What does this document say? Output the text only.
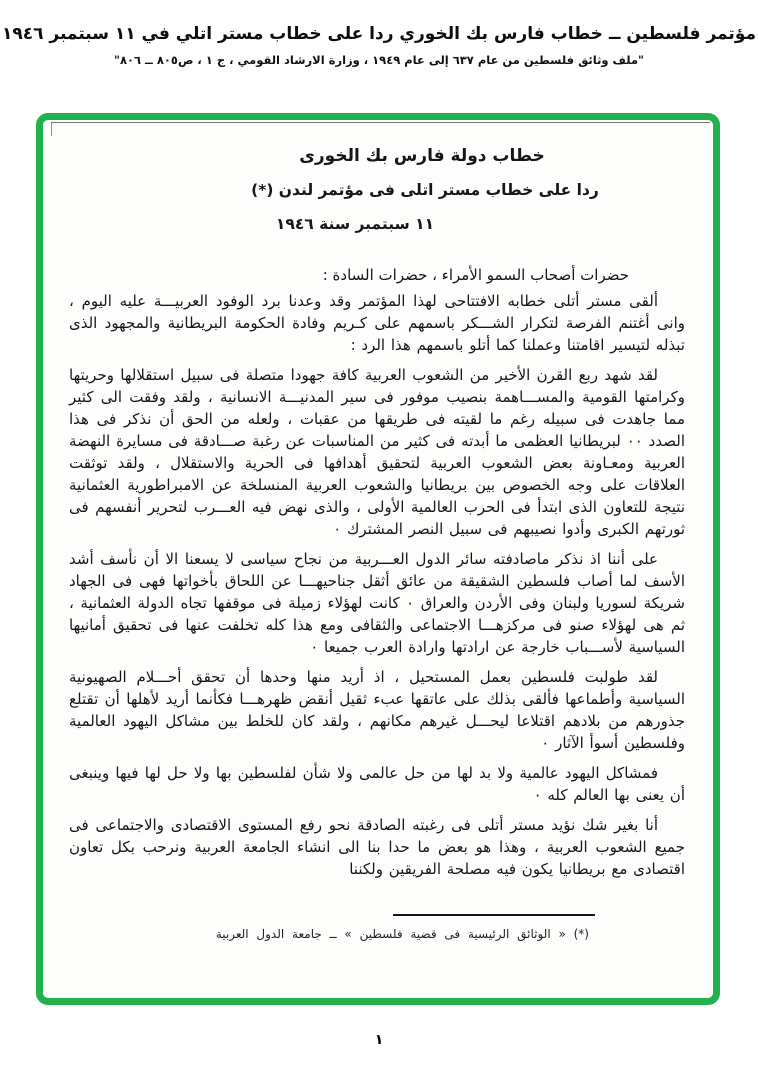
مؤتمر فلسطين ــ خطاب فارس بك الخوري ردا على خطاب مستر اتلي في ١١ سبتمبر ١٩٤٦
"ملف وثائق فلسطين من عام ٦٣٧ إلى عام ١٩٤٩ ، وزارة الارشاد القومي ، ج ١ ، ص٨٠٥ ــ ٨٠٦"
خطاب دولة فارس بك الخورى
ردا على خطاب مستر اتلى فى مؤتمر لندن (*)
١١ سبتمبر سنة ١٩٤٦

حضرات أصحاب السمو الأمراء ، حضرات السادة :

ألقى مستر أتلى خطابه الافتتاحى لهذا المؤتمر وقد وعدنا برد الوفود العربيـــة عليه اليوم ، وانى أغتنم الفرصة لتكرار الشـــكر باسمهم على كـريم وفادة الحكومة البريطانية والمجهود الذى تبذله لتيسير اقامتنا وعملنا كما أتلو باسمهم هذا الرد :

لقد شهد ربع القرن الأخير من الشعوب العربية كافة جهودا متصلة فى سبيل استقلالها وحريتها وكرامتها القومية والمســـاهمة بنصيب موفور فى سير المدنيـــة الانسانية ، ولقد وفقت الى كثير مما جاهدت فى سبيله رغم ما لقيته فى طريقها من عقبات ، ولعله من الحق أن نذكر فى هذا الصدد ٠٠ لبريطانيا العظمى ما أبدته فى كثير من المناسبات عن رغبة صـــادقة فى مسايرة النهضة العربية ومعـاونة بعض الشعوب العربية لتحقيق أهدافها فى الحرية والاستقلال ، ولقد توثقت العلاقات على وجه الخصوص بين بريطانيا والشعوب العربية المنسلخة عن الامبراطورية العثمانية نتيجة للتعاون الذى ابتدأ فى الحرب العالمية الأولى ، والذى نهض فيه العـــرب لتحرير أنفسهم فى ثورتهم الكبرى وأدوا نصيبهم فى سبيل النصر المشترك ٠

على أننا اذ نذكر ماصادفته سائر الدول العـــربية من نجاح سياسى لا يسعنا الا أن نأسف أشد الأسف لما أصاب فلسطين الشقيقة من عائق أثقل جناحيهـــا عن اللحاق بأخواتها فهى فى الجهاد شريكة لسوريا ولبنان وفى الأردن والعراق ٠ كانت لهؤلاء زميلة فى موقفها تجاه الدولة العثمانية ، ثم هى لهؤلاء صنو فى مركزهـــا الاجتماعى والثقافى ومع هذا كله تخلفت عنها فى تحقيق أمانيها السياسية لأســـباب خارجة عن ارادتها وارادة العرب جميعا ٠

لقد طولبت فلسطين بعمل المستحيل ، اذ أريد منها وحدها أن تحقق أحـــلام الصهيونية السياسية وأطماعها فألقى بذلك على عاتقها عبء ثقيل أنقض ظهرهـــا فكأنما أريد لأهلها أن تقتلع جذورهم من بلادهم اقتلاعا ليحـــل غيرهم مكانهم ، ولقد كان للخلط بين مشاكل اليهود العالمية وفلسطين أسوأ الآثار ٠

فمشاكل اليهود عالمية ولا بد لها من حل عالمى ولا شأن لفلسطين بها ولا حل لها فيها وينبغى أن يعنى بها العالم كله ٠

أنا بغير شك نؤيد مستر أتلى فى رغبته الصادقة نحو رفع المستوى الاقتصادى والاجتماعى فى جميع الشعوب العربية ، وهذا هو بعض ما حدا بنا الى انشاء الجامعة العربية ونرحب بكل تعاون اقتصادى مع بريطانيا يكون فيه مصلحة الفريقين ولكننا

(*) « الوثائق الرئيسية فى قضية فلسطين » ــ جامعة الدول العربية
١
